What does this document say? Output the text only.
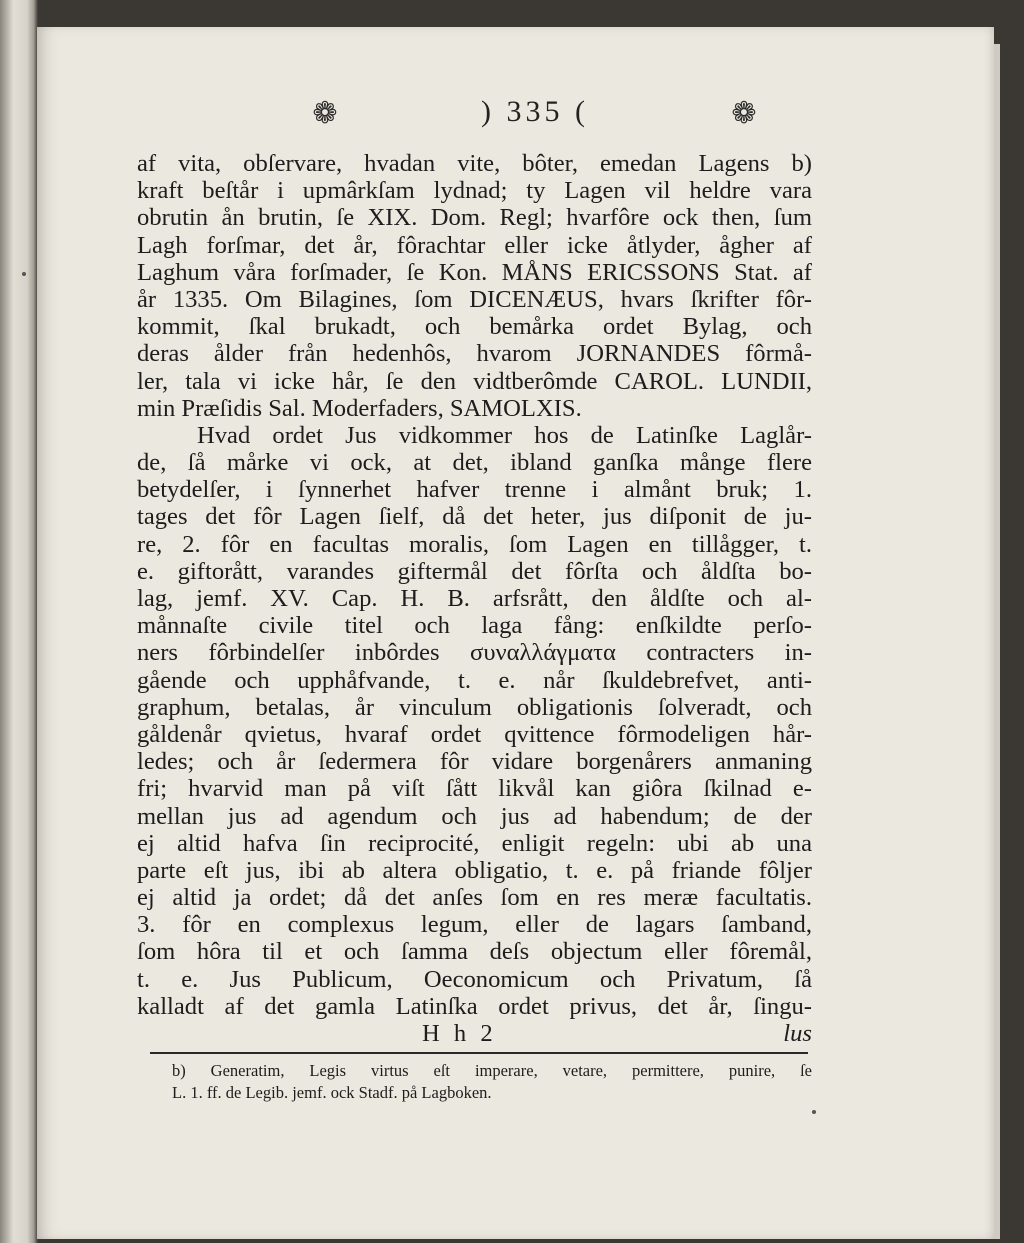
❁	) 335 (	❁
af vita, obſervare, hvadan vite, bôter, emedan Lagens b)
kraft beſtår i upmârkſam lydnad; ty Lagen vil heldre vara
obrutin ån brutin, ſe XIX. Dom. Regl; hvarfôre ock then, ſum
Lagh forſmar, det år, fôrachtar eller icke åtlyder, ågher af
Laghum våra forſmader, ſe Kon. MÅNS ERICSSONS Stat. af
år 1335. Om Bilagines, ſom DICENÆUS, hvars ſkrifter fôr-
kommit, ſkal brukadt, och bemårka ordet Bylag, och
deras ålder från hedenhôs, hvarom JORNANDES fôrmå-
ler, tala vi icke hår, ſe den vidtberômde CAROL. LUNDII,
min Præſidis Sal. Moderfaders, SAMOLXIS.
Hvad ordet Jus vidkommer hos de Latinſke Laglår-
de, ſå mårke vi ock, at det, ibland ganſka månge flere
betydelſer, i ſynnerhet hafver trenne i almånt bruk; 1.
tages det fôr Lagen ſielf, då det heter, jus diſponit de ju-
re, 2. fôr en facultas moralis, ſom Lagen en tillågger, t.
e. giftorått, varandes giftermål det fôrſta och åldſta bo-
lag, jemf. XV. Cap. H. B. arfsrått, den åldſte och al-
månnaſte civile titel och laga fång: enſkildte perſo-
ners fôrbindelſer inbôrdes συναλλάγματα contracters in-
gående och upphåfvande, t. e. når ſkuldebrefvet, anti-
graphum, betalas, år vinculum obligationis ſolveradt, och
gåldenår qvietus, hvaraf ordet qvittence fôrmodeligen hår-
ledes; och år ſedermera fôr vidare borgenårers anmaning
fri; hvarvid man på viſt ſått likvål kan giôra ſkilnad e-
mellan jus ad agendum och jus ad habendum; de der
ej altid hafva ſin reciprocité, enligit regeln: ubi ab una
parte eſt jus, ibi ab altera obligatio, t. e. på friande fôljer
ej altid ja ordet; då det anſes ſom en res meræ facultatis.
3. fôr en complexus legum, eller de lagars ſamband,
ſom hôra til et och ſamma deſs objectum eller fôremål,
t. e. Jus Publicum, Oeconomicum och Privatum, ſå
kalladt af det gamla Latinſka ordet privus, det år, ſingu-
H h 2	lus
b) Generatim, Legis virtus eſt imperare, vetare, permittere, punire, ſe
L. 1. ff. de Legib. jemf. ock Stadf. på Lagboken.
